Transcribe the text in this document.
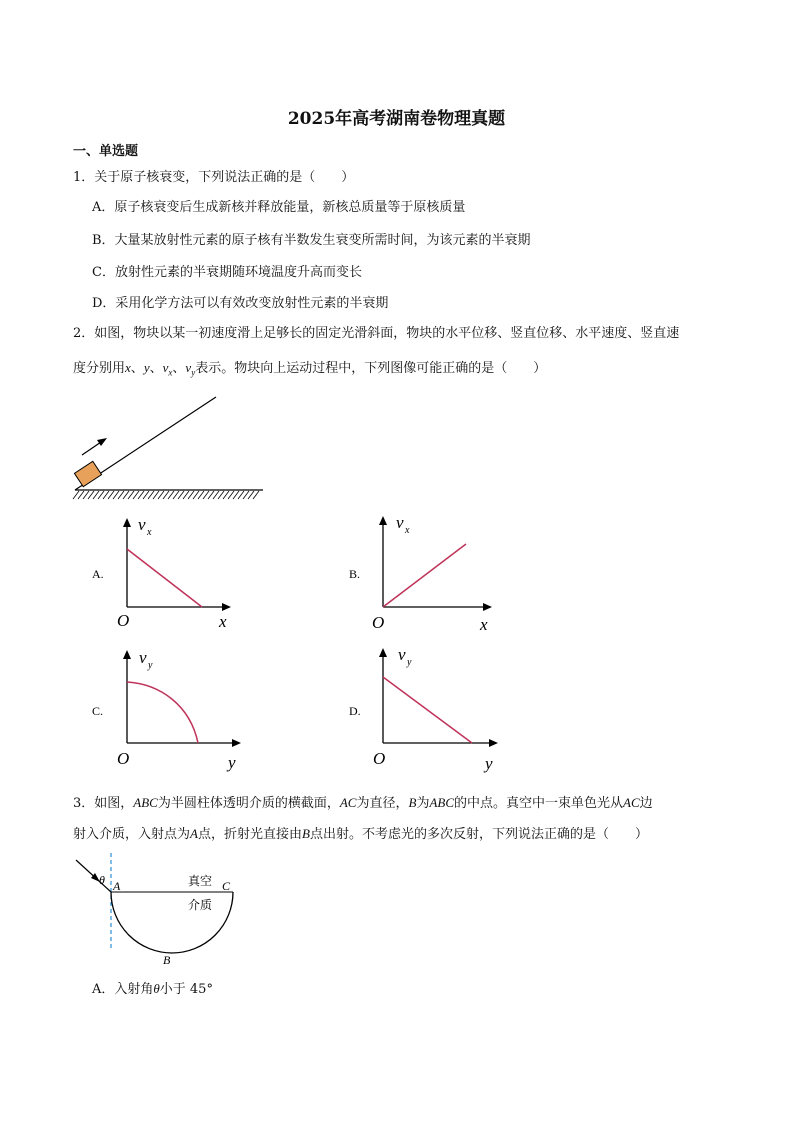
2025年高考湖南卷物理真题
一、单选题
1．关于原子核衰变，下列说法正确的是（　　）
A．原子核衰变后生成新核并释放能量，新核总质量等于原核质量
B．大量某放射性元素的原子核有半数发生衰变所需时间，为该元素的半衰期
C．放射性元素的半衰期随环境温度升高而变长
D．采用化学方法可以有效改变放射性元素的半衰期
2．如图，物块以某一初速度滑上足够长的固定光滑斜面，物块的水平位移、竖直位移、水平速度、竖直速
度分别用x、y、$v_x$、$v_y$表示。物块向上运动过程中，下列图像可能正确的是（　　）
A.
v x
O	x
B.
v x
O	x
C.
v y
O	y
D.
v y
O	y
3．如图，ABC为半圆柱体透明介质的横截面，AC为直径，B为ABC的中点。真空中一束单色光从AC边
射入介质，入射点为A点，折射光直接由B点出射。不考虑光的多次反射，下列说法正确的是（　　）
θ A	C
B
真空
介质
A．入射角θ小于 45°
